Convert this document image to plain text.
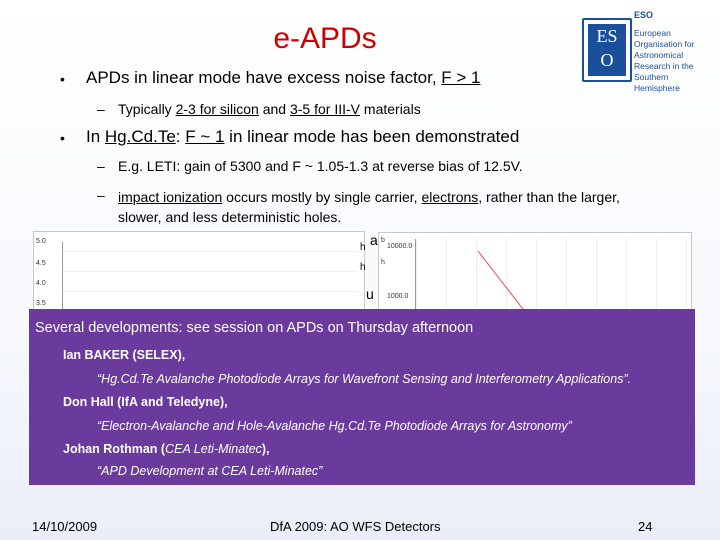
e-APDs	ES
O
ESO
European Organisation for Astronomical Research in the Southern Hemisphere
• APDs in linear mode have excess noise factor, F > 1
– Typically 2-3 for silicon and 3-5 for III-V materials
• In Hg.Cd.Te: F ~ 1 in linear mode has been demonstrated
– E.g. LETI: gain of 5300 and F ~ 1.05-1.3 at reverse bias of 12.5V.
– impact ionization occurs mostly by single carrier, electrons, rather than the larger,
slower, and less deterministic holes.
5.0
4.5
4.0
3.5
h a
h
u
b
h
10000.0
1000.0
Several developments: see session on APDs on Thursday afternoon
Ian BAKER (SELEX),
“Hg.Cd.Te Avalanche Photodiode Arrays for Wavefront Sensing and Interferometry Applications”.
Don Hall (IfA and Teledyne),
“Electron-Avalanche and Hole-Avalanche Hg.Cd.Te Photodiode Arrays for Astronomy”
Johan Rothman (CEA Leti-Minatec),
“APD Development at CEA Leti-Minatec”
14/10/2009	DfA 2009: AO WFS Detectors	24
